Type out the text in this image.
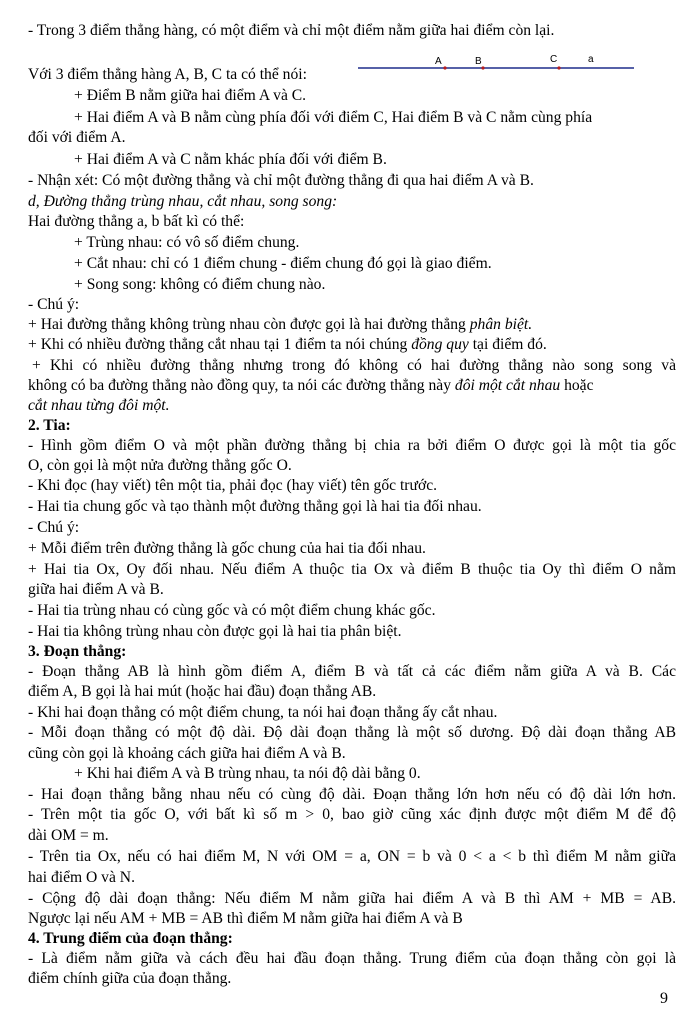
A	B	C	a
- Trong 3 điểm thẳng hàng, có một điểm và chỉ một điểm nằm giữa hai điểm còn lại.
Với 3 điểm thẳng hàng A, B, C ta có thể nói:
+ Điểm B nằm giữa hai điểm A và C.
+ Hai điểm A và B nằm cùng phía đối với điểm C, Hai điểm B và C nằm cùng phía
đối với điểm A.
+ Hai điểm A và C nằm khác phía đối với điểm B.
- Nhận xét: Có một đường thẳng và chỉ một đường thẳng đi qua hai điểm A và B.
d, Đường thẳng trùng nhau, cắt nhau, song song:
Hai đường thẳng a, b bất kì có thể:
+ Trùng nhau: có vô số điểm chung.
+ Cắt nhau: chỉ có 1 điểm chung - điểm chung đó gọi là giao điểm.
+ Song song: không có điểm chung nào.
- Chú ý:
+ Hai đường thẳng không trùng nhau còn được gọi là hai đường thẳng phân biệt.
+ Khi có nhiều đường thẳng cắt nhau tại 1 điểm ta nói chúng đồng quy tại điểm đó.
+ Khi có nhiều đường thẳng nhưng trong đó không có hai đường thẳng nào song song và
không có ba đường thẳng nào đồng quy, ta nói các đường thẳng này đôi một cắt nhau hoặc
cắt nhau từng đôi một.
2. Tia:
- Hình gồm điểm O và một phần đường thẳng bị chia ra bởi điểm O được gọi là một tia gốc
O, còn gọi là một nửa đường thẳng gốc O.
- Khi đọc (hay viết) tên một tia, phải đọc (hay viết) tên gốc trước.
- Hai tia chung gốc và tạo thành một đường thẳng gọi là hai tia đối nhau.
- Chú ý:
+ Mỗi điểm trên đường thẳng là gốc chung của hai tia đối nhau.
+ Hai tia Ox, Oy đối nhau. Nếu điểm A thuộc tia Ox và điểm B thuộc tia Oy thì điểm O nằm
giữa hai điểm A và B.
- Hai tia trùng nhau có cùng gốc và có một điểm chung khác gốc.
- Hai tia không trùng nhau còn được gọi là hai tia phân biệt.
3. Đoạn thẳng:
- Đoạn thẳng AB là hình gồm điểm A, điểm B và tất cả các điểm nằm giữa A và B. Các
điểm A, B gọi là hai mút (hoặc hai đầu) đoạn thẳng AB.
- Khi hai đoạn thẳng có một điểm chung, ta nói hai đoạn thẳng ấy cắt nhau.
- Mỗi đoạn thẳng có một độ dài. Độ dài đoạn thẳng là một số dương. Độ dài đoạn thẳng AB
cũng còn gọi là khoảng cách giữa hai điểm A và B.
+ Khi hai điểm A và B trùng nhau, ta nói độ dài bằng 0.
- Hai đoạn thẳng bằng nhau nếu có cùng độ dài. Đoạn thẳng lớn hơn nếu có độ dài lớn hơn.
- Trên một tia gốc O, với bất kì số m > 0, bao giờ cũng xác định được một điểm M để độ
dài OM = m.
- Trên tia Ox, nếu có hai điểm M, N với OM = a, ON = b và 0 < a < b thì điểm M nằm giữa
hai điểm O và N.
- Cộng độ dài đoạn thẳng: Nếu điểm M nằm giữa hai điểm A và B thì AM + MB = AB.
Ngược lại nếu AM + MB = AB thì điểm M nằm giữa hai điểm A và B
4. Trung điểm của đoạn thẳng:
- Là điểm nằm giữa và cách đều hai đầu đoạn thẳng. Trung điểm của đoạn thẳng còn gọi là
điểm chính giữa của đoạn thẳng.
9
